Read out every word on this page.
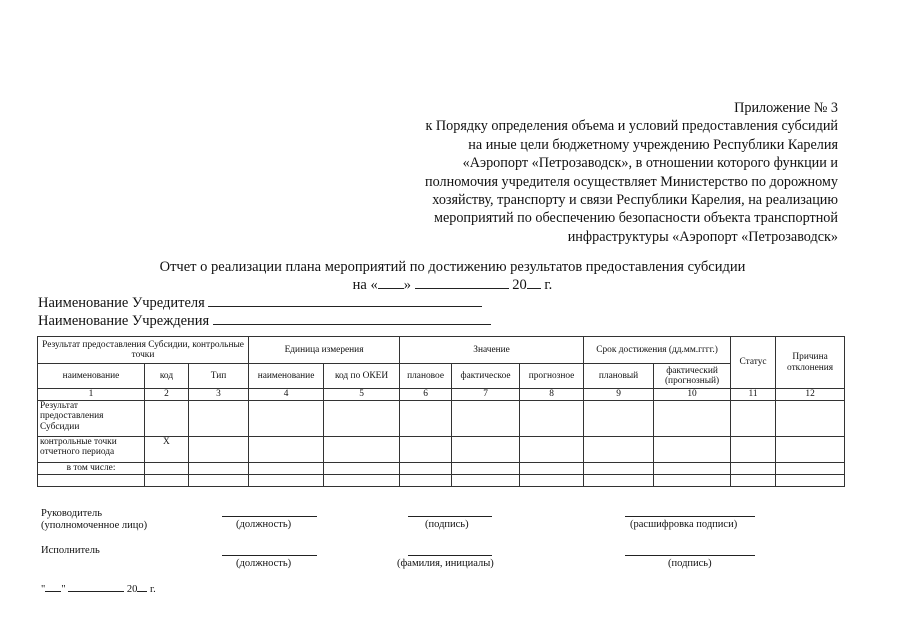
Приложение № 3
к Порядку определения объема и условий предоставления субсидий
на иные цели бюджетному учреждению Республики Карелия
«Аэропорт «Петрозаводск», в отношении которого функции и
полномочия учредителя осуществляет Министерство по дорожному
хозяйству, транспорту и связи Республики Карелия, на реализацию
мероприятий по обеспечению безопасности объекта транспортной
инфраструктуры «Аэропорт «Петрозаводск»
Отчет о реализации плана мероприятий по достижению результатов предоставления субсидии
на « »	20 г.
Наименование Учредителя
Наименование Учреждения
Результат предоставления Субсидии, контрольные точки			Единица измерения		Значение			Срок достижения (дд.мм.гггг.)		Статус	Причина отклонения
наименование	код	Тип	наименование	код по ОКЕИ	плановое	фактическое	прогнозное	плановый	фактический (прогнозный)		
1	2	3	4	5	6	7	8	9	10	11	12
Результат предоставления Субсидии											
контрольные точки отчетного периода	X										
в том числе:											

Руководитель
(уполномоченное лицо)	(должность)	(подпись)	(расшифровка подписи)
Исполнитель
(должность)	(фамилия, инициалы)	(подпись)
" "	20 г.
